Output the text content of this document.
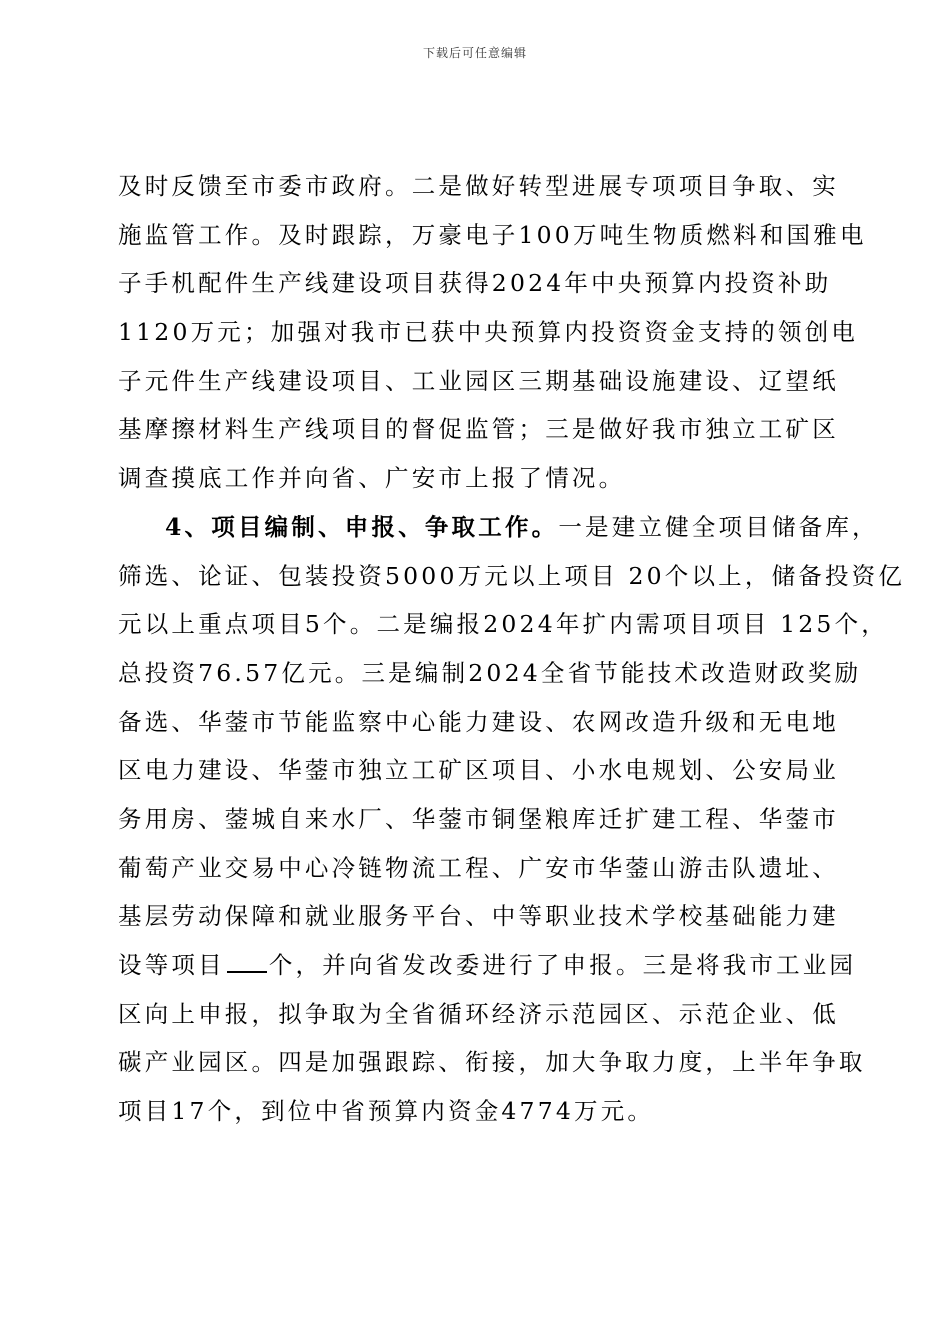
下载后可任意编辑
及时反馈至市委市政府。二是做好转型进展专项项目争取、实
施监管工作。及时跟踪，万豪电子100万吨生物质燃料和国雅电
子手机配件生产线建设项目获得2024年中央预算内投资补助
1120万元；加强对我市已获中央预算内投资资金支持的领创电
子元件生产线建设项目、工业园区三期基础设施建设、辽望纸
基摩擦材料生产线项目的督促监管；三是做好我市独立工矿区
调查摸底工作并向省、广安市上报了情况。
4、项目编制、申报、争取工作。一是建立健全项目储备库，
筛选、论证、包装投资5000万元以上项目 20个以上，储备投资亿
元以上重点项目5个。二是编报2024年扩内需项目项目 125个，
总投资76.57亿元。三是编制2024全省节能技术改造财政奖励
备选、华蓥市节能监察中心能力建设、农网改造升级和无电地
区电力建设、华蓥市独立工矿区项目、小水电规划、公安局业
务用房、蓥城自来水厂、华蓥市铜堡粮库迁扩建工程、华蓥市
葡萄产业交易中心冷链物流工程、广安市华蓥山游击队遗址、
基层劳动保障和就业服务平台、中等职业技术学校基础能力建
设等项目 个，并向省发改委进行了申报。三是将我市工业园
区向上申报，拟争取为全省循环经济示范园区、示范企业、低
碳产业园区。四是加强跟踪、衔接，加大争取力度，上半年争取
项目17个，到位中省预算内资金4774万元。
